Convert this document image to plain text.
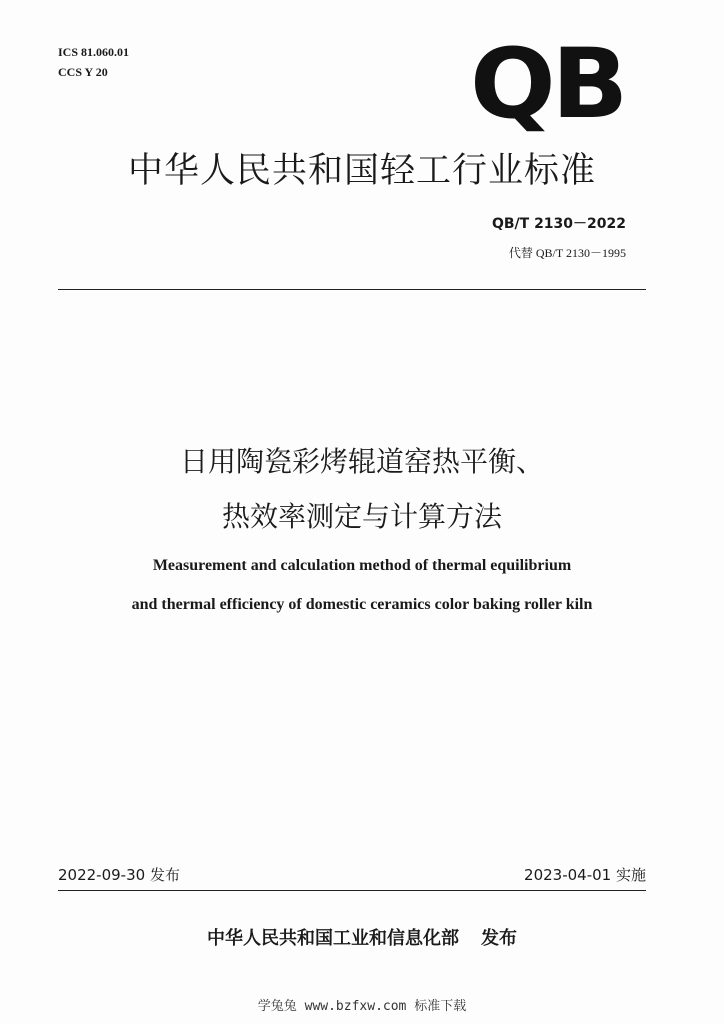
ICS 81.060.01
CCS Y 20	QB
中华人民共和国轻工行业标准
QB/T 2130－2022
代替 QB/T 2130－1995
日用陶瓷彩烤辊道窑热平衡、
热效率测定与计算方法
Measurement and calculation method of thermal equilibrium
and thermal efficiency of domestic ceramics color baking roller kiln
2022-09-30 发布	2023-04-01 实施
中华人民共和国工业和信息化部 发布
学兔兔 www.bzfxw.com 标准下载
